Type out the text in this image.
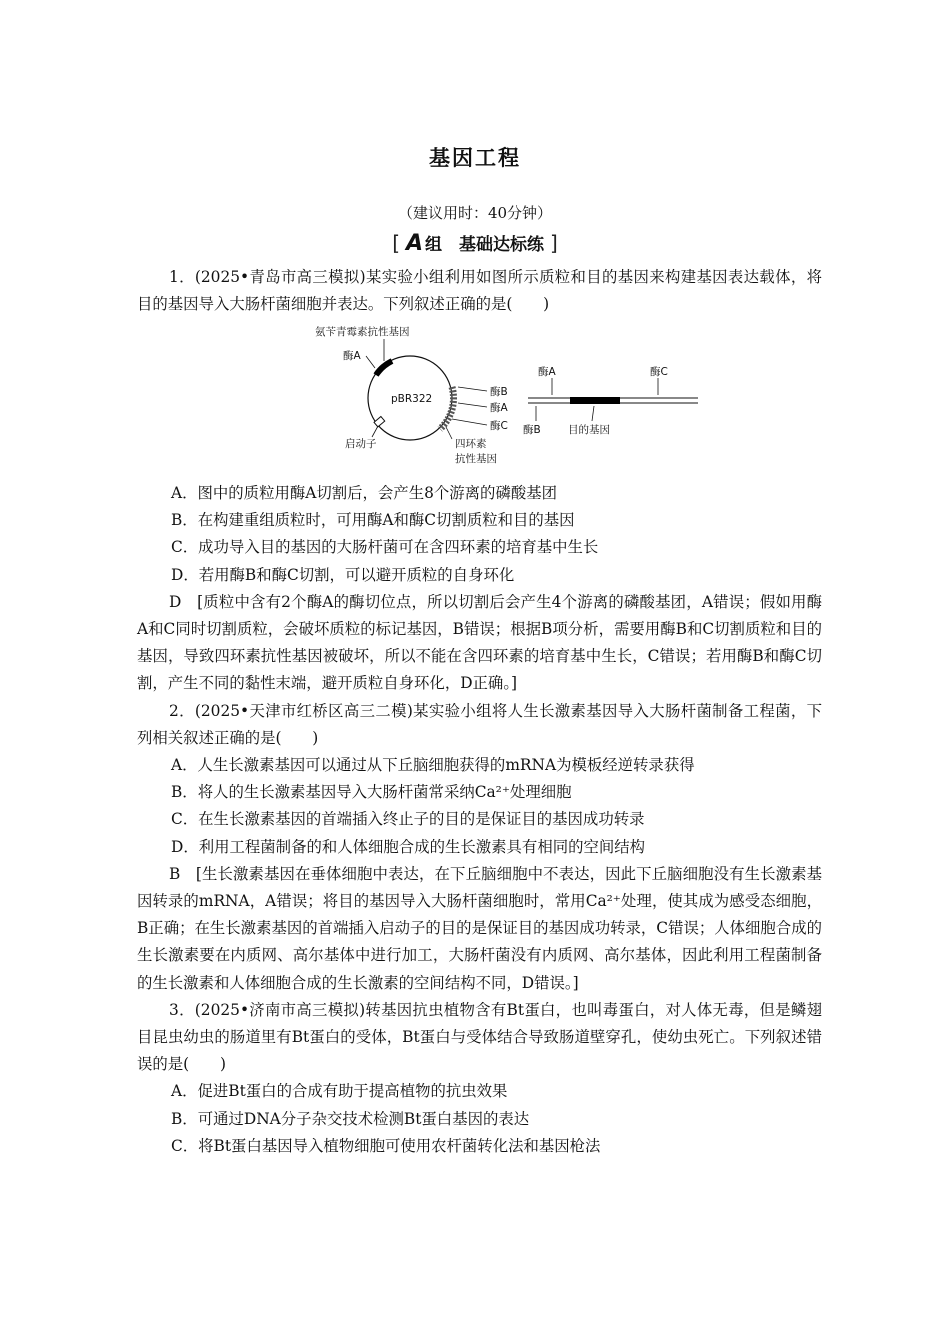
基因工程
（建议用时：40分钟）
[ A 组　基础达标练 ]

1．(2025•青岛市高三模拟)某实验小组利用如图所示质粒和目的基因来构建基因表达载体，将目的基因导入大肠杆菌细胞并表达。下列叙述正确的是(　　)

氨苄青霉素抗性基因
酶A
pBR322
酶B
酶A
酶C
四环素
抗性基因
启动子
酶A	酶C
酶B	目的基因

A．图中的质粒用酶A切割后，会产生8个游离的磷酸基团

B．在构建重组质粒时，可用酶A和酶C切割质粒和目的基因

C．成功导入目的基因的大肠杆菌可在含四环素的培育基中生长

D．若用酶B和酶C切割，可以避开质粒的自身环化

D　[质粒中含有2个酶A的酶切位点，所以切割后会产生4个游离的磷酸基团，A错误；假如用酶A和C同时切割质粒，会破坏质粒的标记基因，B错误；根据B项分析，需要用酶B和C切割质粒和目的基因，导致四环素抗性基因被破坏，所以不能在含四环素的培育基中生长，C错误；若用酶B和酶C切割，产生不同的黏性末端，避开质粒自身环化，D正确。]

2．(2025•天津市红桥区高三二模)某实验小组将人生长激素基因导入大肠杆菌制备工程菌，下列相关叙述正确的是(　　)

A．人生长激素基因可以通过从下丘脑细胞获得的mRNA为模板经逆转录获得

B．将人的生长激素基因导入大肠杆菌常采纳Ca²⁺处理细胞

C．在生长激素基因的首端插入终止子的目的是保证目的基因成功转录

D．利用工程菌制备的和人体细胞合成的生长激素具有相同的空间结构

B　[生长激素基因在垂体细胞中表达，在下丘脑细胞中不表达，因此下丘脑细胞没有生长激素基因转录的mRNA，A错误；将目的基因导入大肠杆菌细胞时，常用Ca²⁺处理，使其成为感受态细胞，B正确；在生长激素基因的首端插入启动子的目的是保证目的基因成功转录，C错误；人体细胞合成的生长激素要在内质网、高尔基体中进行加工，大肠杆菌没有内质网、高尔基体，因此利用工程菌制备的生长激素和人体细胞合成的生长激素的空间结构不同，D错误。]

3．(2025•济南市高三模拟)转基因抗虫植物含有Bt蛋白，也叫毒蛋白，对人体无毒，但是鳞翅目昆虫幼虫的肠道里有Bt蛋白的受体，Bt蛋白与受体结合导致肠道壁穿孔，使幼虫死亡。下列叙述错误的是(　　)

A．促进Bt蛋白的合成有助于提高植物的抗虫效果

B．可通过DNA分子杂交技术检测Bt蛋白基因的表达

C．将Bt蛋白基因导入植物细胞可使用农杆菌转化法和基因枪法
